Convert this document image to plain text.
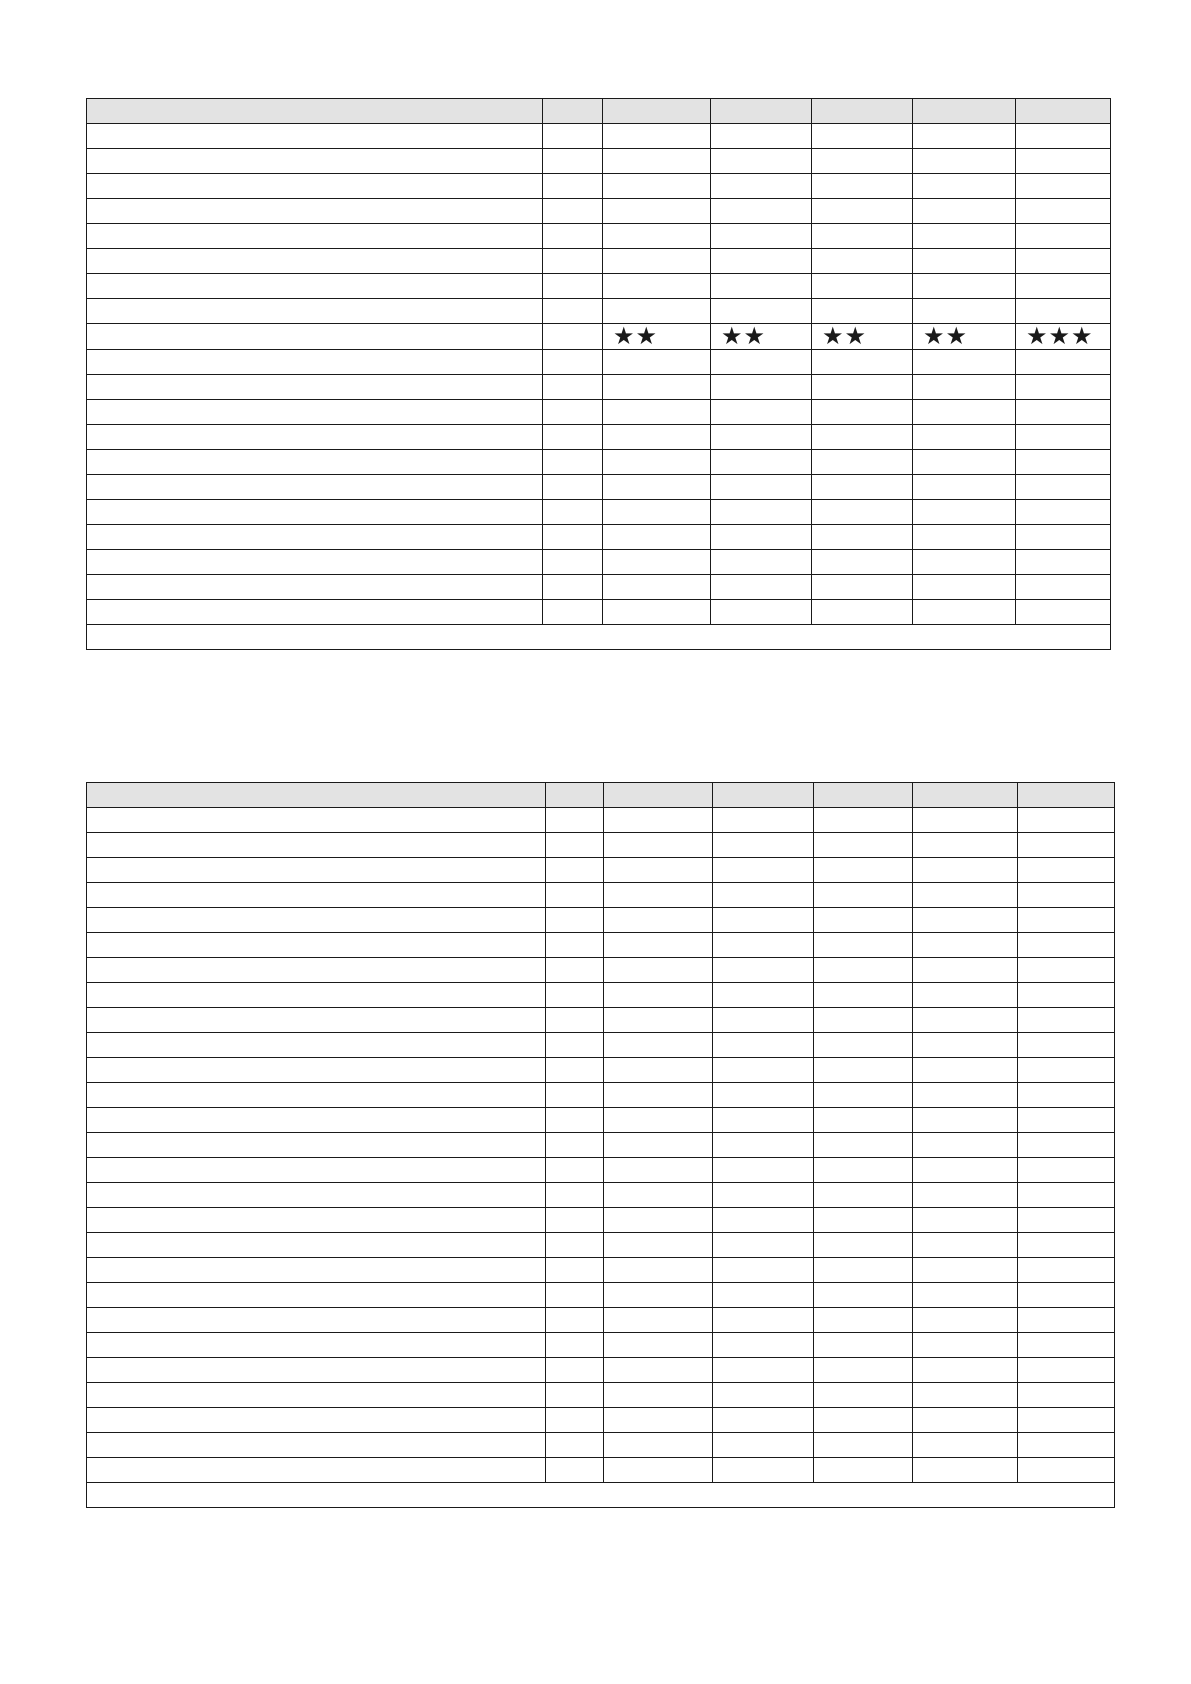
		★★	★★	★★	★★	★★★
